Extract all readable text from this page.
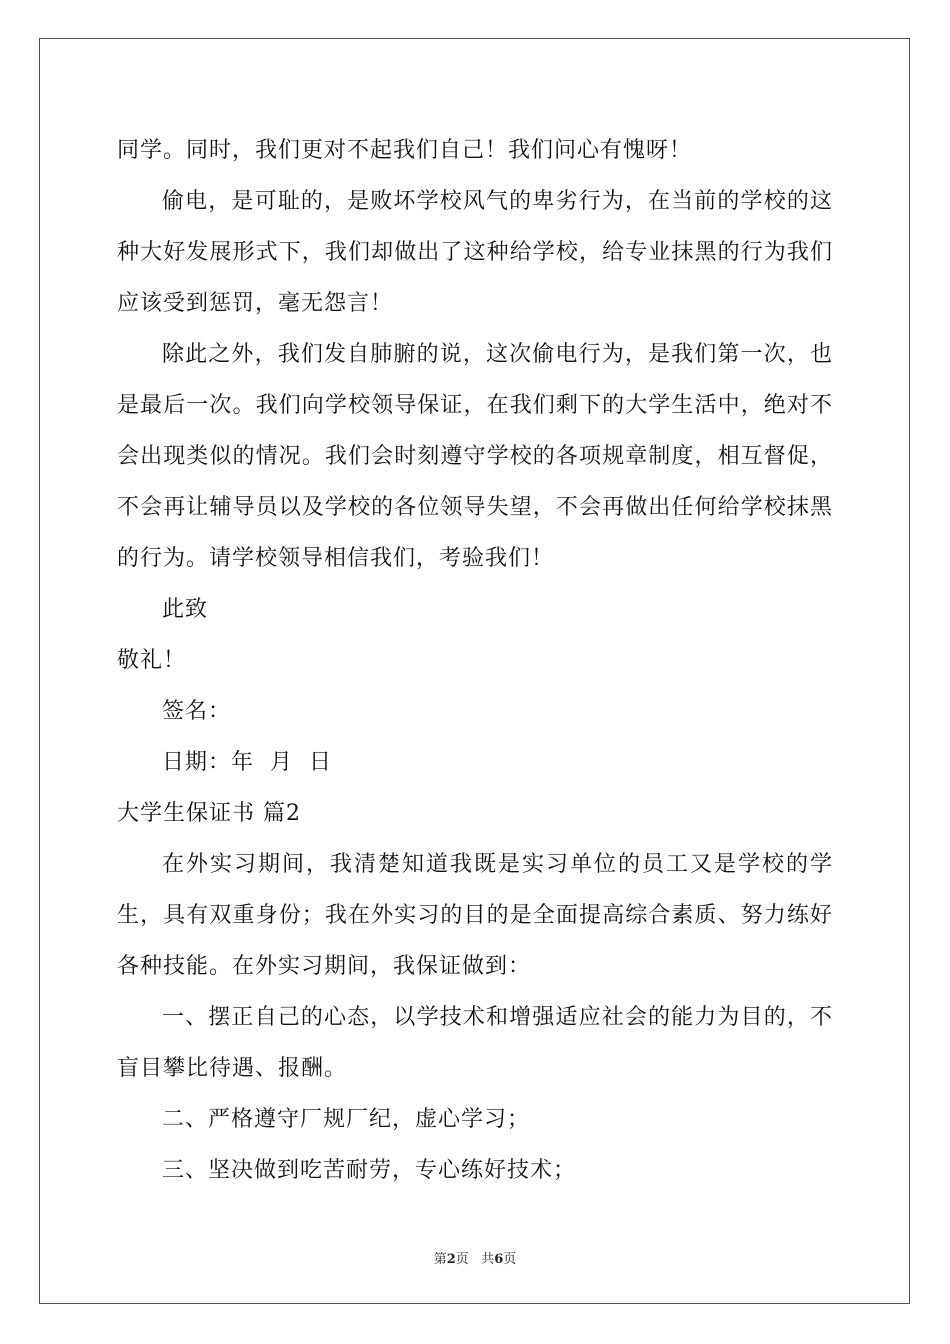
同学。同时，我们更对不起我们自己！我们问心有愧呀！

偷电，是可耻的，是败坏学校风气的卑劣行为，在当前的学校的这种大好发展形式下，我们却做出了这种给学校，给专业抹黑的行为我们应该受到惩罚，毫无怨言！

除此之外，我们发自肺腑的说，这次偷电行为，是我们第一次，也是最后一次。我们向学校领导保证，在我们剩下的大学生活中，绝对不会出现类似的情况。我们会时刻遵守学校的各项规章制度，相互督促，不会再让辅导员以及学校的各位领导失望，不会再做出任何给学校抹黑的行为。请学校领导相信我们，考验我们！

此致

敬礼！

签名：

日期：年  月  日

大学生保证书 篇2

在外实习期间，我清楚知道我既是实习单位的员工又是学校的学生，具有双重身份；我在外实习的目的是全面提高综合素质、努力练好各种技能。在外实习期间，我保证做到：

一、摆正自己的心态，以学技术和增强适应社会的能力为目的，不盲目攀比待遇、报酬。

二、严格遵守厂规厂纪，虚心学习；

三、坚决做到吃苦耐劳，专心练好技术；

第2页 共6页
